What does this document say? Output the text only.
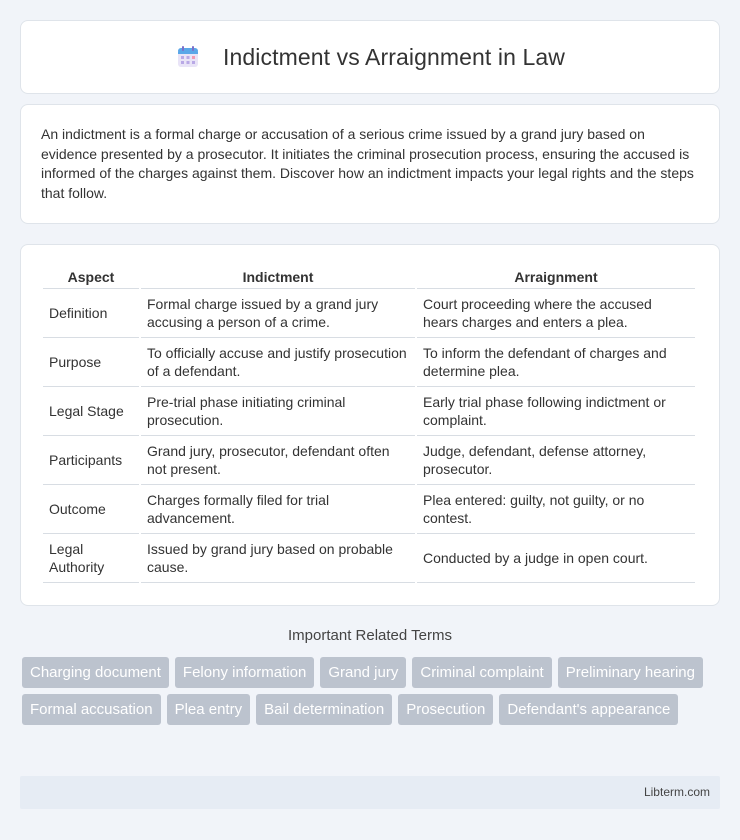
Indictment vs Arraignment in Law

An indictment is a formal charge or accusation of a serious crime issued by a grand jury based on evidence presented by a prosecutor. It initiates the criminal prosecution process, ensuring the accused is informed of the charges against them. Discover how an indictment impacts your legal rights and the steps that follow.

Aspect	Indictment	Arraignment
Definition	Formal charge issued by a grand jury accusing a person of a crime.	Court proceeding where the accused hears charges and enters a plea.
Purpose	To officially accuse and justify prosecution of a defendant.	To inform the defendant of charges and determine plea.
Legal Stage	Pre-trial phase initiating criminal prosecution.	Early trial phase following indictment or complaint.
Participants	Grand jury, prosecutor, defendant often not present.	Judge, defendant, defense attorney, prosecutor.
Outcome	Charges formally filed for trial advancement.	Plea entered: guilty, not guilty, or no contest.
Legal Authority	Issued by grand jury based on probable cause.	Conducted by a judge in open court.
Important Related Terms
Charging document	Felony information	Grand jury	Criminal complaint	Preliminary hearing
Formal accusation	Plea entry	Bail determination	Prosecution	Defendant's appearance
Libterm.com
